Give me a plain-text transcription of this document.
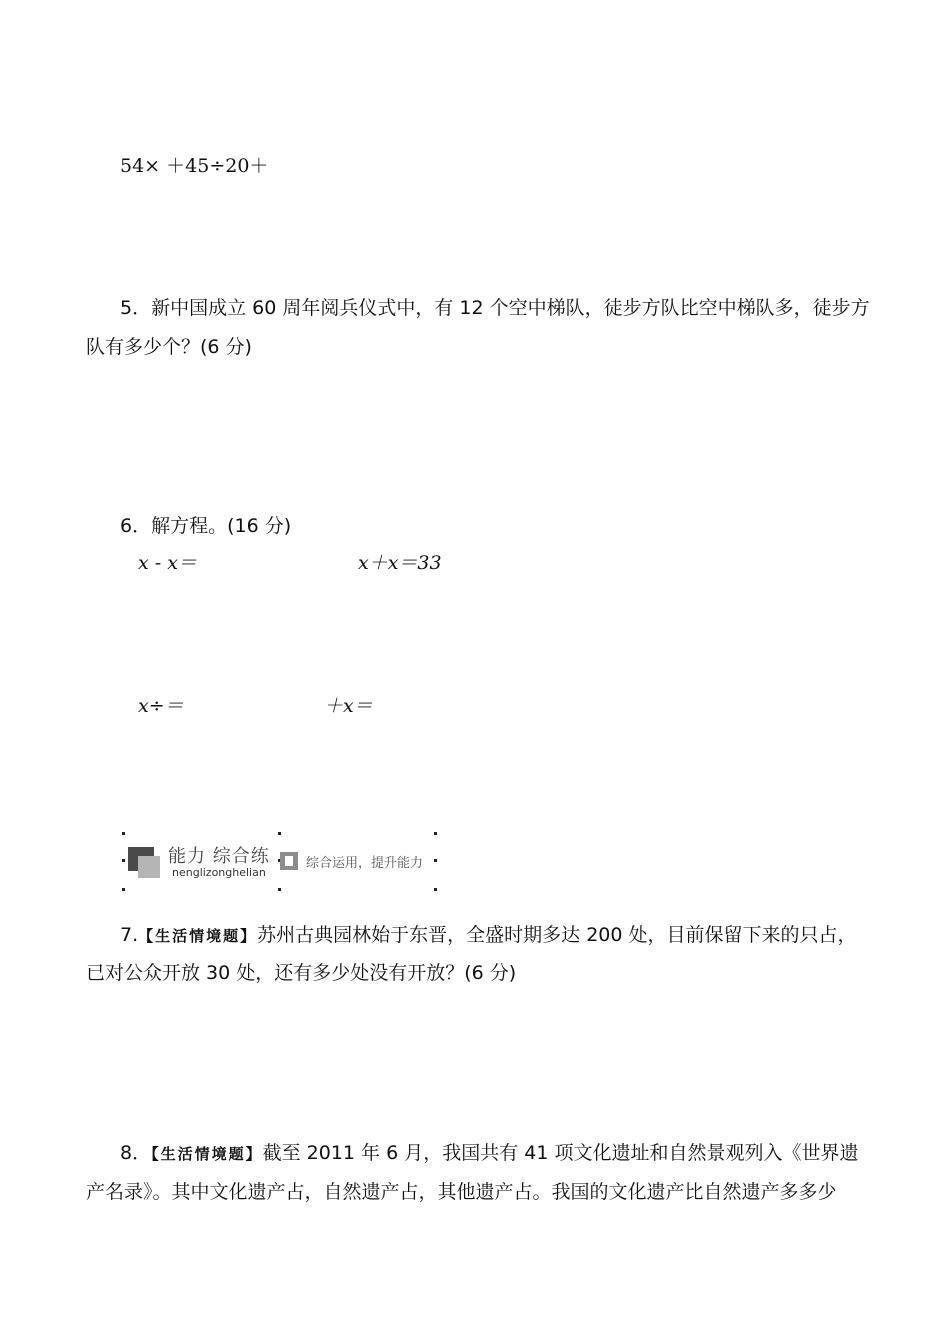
54× ＋45÷20＋
5．新中国成立 60 周年阅兵仪式中，有 12 个空中梯队，徒步方队比空中梯队多，徒步方
队有多少个？(6 分)
6．解方程。(16 分)
x - x＝	x＋x＝33
x÷＝	＋x＝
能力 综合练
nenglizonghelian
综合运用，提升能力
7.【生活情境题】苏州古典园林始于东晋，全盛时期多达 200 处，目前保留下来的只占，
已对公众开放 30 处，还有多少处没有开放？(6 分)
8．【生活情境题】截至 2011 年 6 月，我国共有 41 项文化遗址和自然景观列入《世界遗
产名录》。其中文化遗产占，自然遗产占，其他遗产占。我国的文化遗产比自然遗产多多少
